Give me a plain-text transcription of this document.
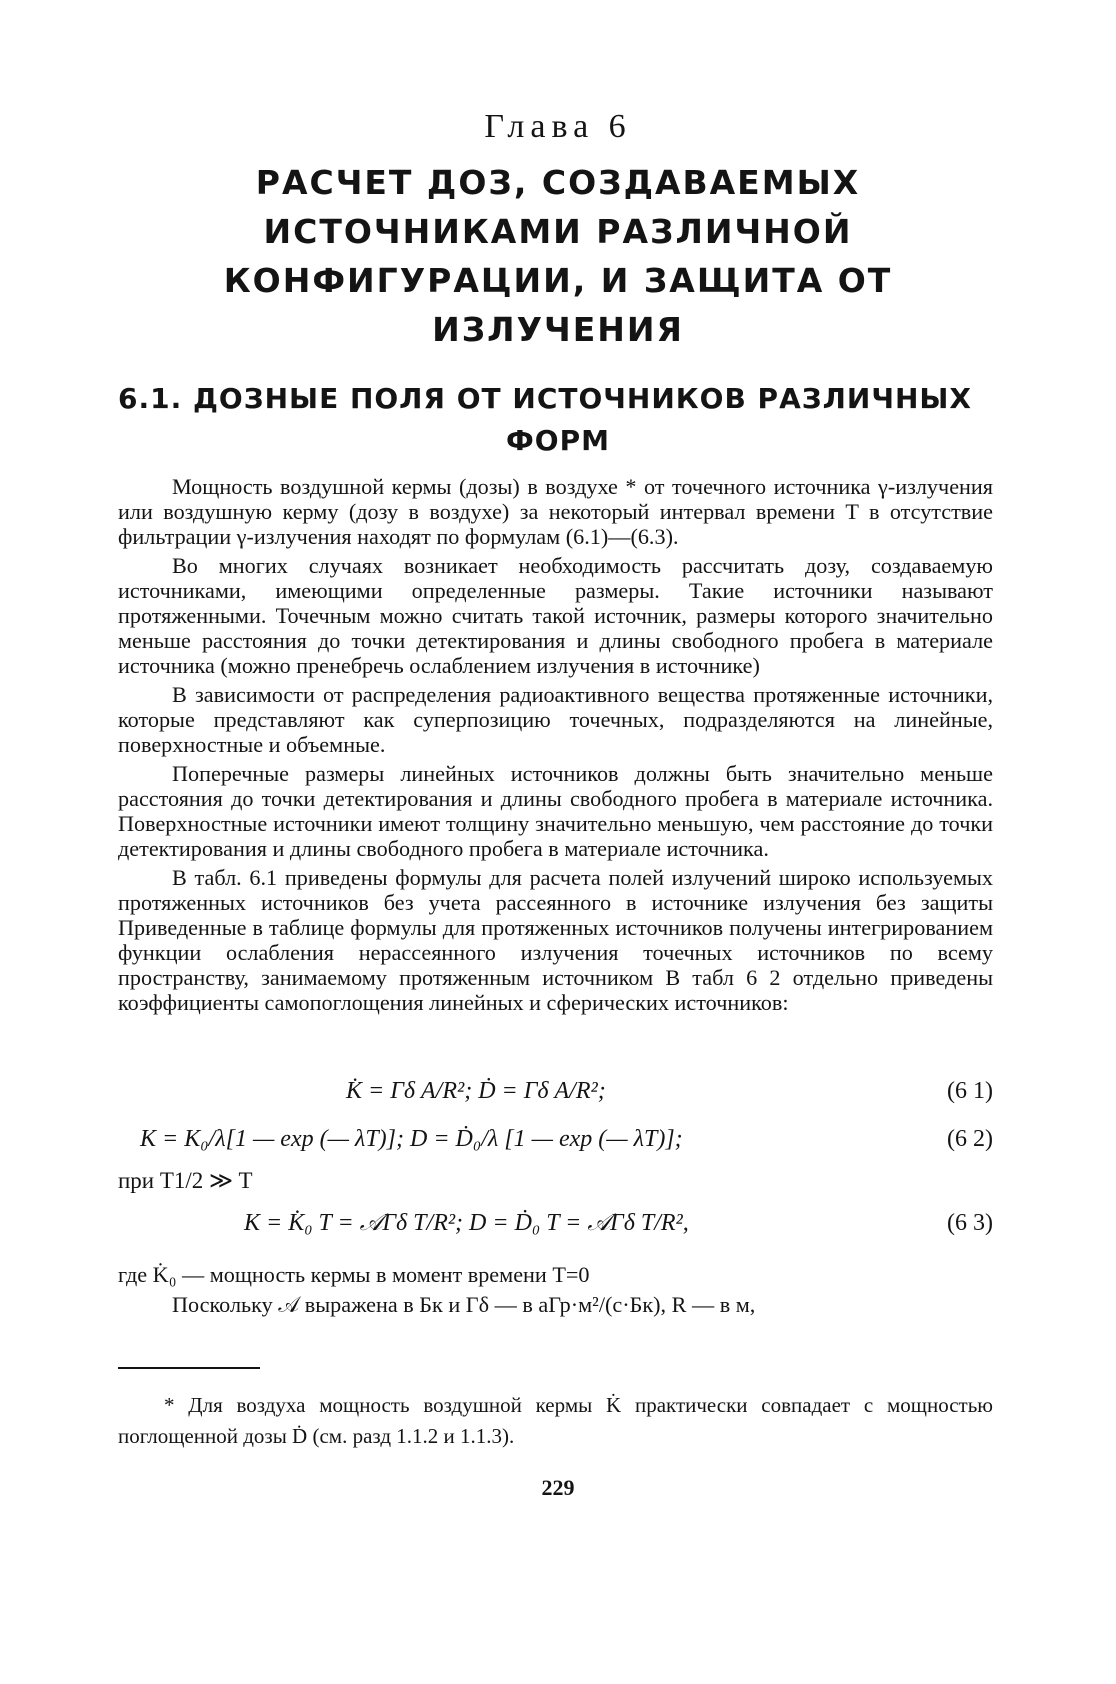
Глава 6
РАСЧЕТ ДОЗ, СОЗДАВАЕМЫХ
ИСТОЧНИКАМИ РАЗЛИЧНОЙ
КОНФИГУРАЦИИ, И ЗАЩИТА ОТ
ИЗЛУЧЕНИЯ
6.1. ДОЗНЫЕ ПОЛЯ ОТ ИСТОЧНИКОВ РАЗЛИЧНЫХ
ФОРМ

Мощность воздушной кермы (дозы) в воздухе * от точечного источника γ-излучения или воздушную керму (дозу в воздухе) за некоторый интервал времени T в отсутствие фильтрации γ-излучения находят по формулам (6.1)—(6.3).

Во многих случаях возникает необходимость рассчитать дозу, создаваемую источниками, имеющими определенные размеры. Такие источники называют протяженными. Точечным можно считать такой источник, размеры которого значительно меньше расстояния до точки детектирования и длины свободного пробега в материале источника (можно пренебречь ослаблением излучения в источнике)

В зависимости от распределения радиоактивного вещества протяженные источники, которые представляют как суперпозицию точечных, подразделяются на линейные, поверхностные и объемные.

Поперечные размеры линейных источников должны быть значительно меньше расстояния до точки детектирования и длины свободного пробега в материале источника. Поверхностные источники имеют толщину значительно меньшую, чем расстояние до точки детектирования и длины свободного пробега в материале источника.

В табл. 6.1 приведены формулы для расчета полей излучений широко используемых протяженных источников без учета рассеянного в источнике излучения без защиты Приведенные в таблице формулы для протяженных источников получены интегрированием функции ослабления нерассеянного излучения точечных источников по всему пространству, занимаемому протяженным источником В табл 6 2 отдельно приведены коэффициенты самопоглощения линейных и сферических источников:

K̇ = Γδ A/R²; Ḋ = Γδ A/R²;	(6 1)
K = K₀/λ[1 — exp (— λT)]; D = Ḋ₀/λ [1 — exp (— λT)];	(6 2)
при T1/2 ≫ T
K = K̇₀ T = 𝒜Γδ T/R²; D = Ḋ₀ T = 𝒜Γδ T/R²,	(6 3)

где K̇₀ — мощность кермы в момент времени T=0

Поскольку 𝒜 выражена в Бк и Γδ — в аГр·м²/(с·Бк), R — в м,

* Для воздуха мощность воздушной кермы K̇ практически совпадает с мощностью поглощенной дозы Ḋ (см. разд 1.1.2 и 1.1.3).

229
